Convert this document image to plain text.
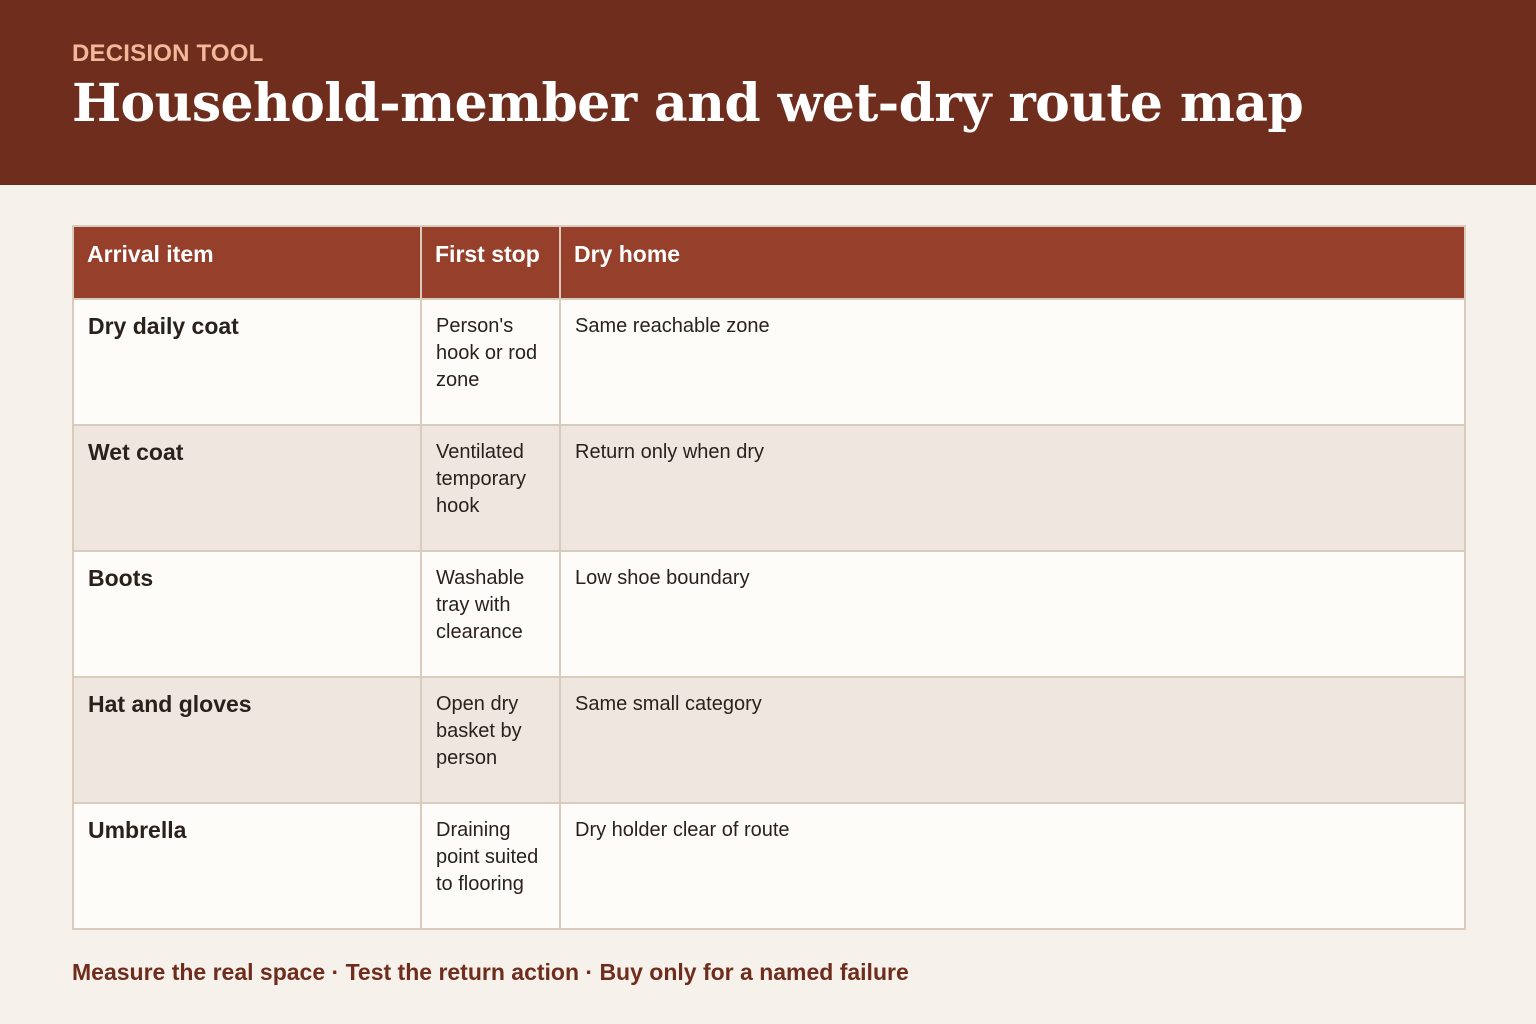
DECISION TOOL
Household-member and wet-dry route map
Arrival item	First stop	Dry home
Dry daily coat	Person's hook or rod zone	Same reachable zone
Wet coat	Ventilated temporary hook	Return only when dry
Boots	Washable tray with clearance	Low shoe boundary
Hat and gloves	Open dry basket by person	Same small category
Umbrella	Draining point suited to flooring	Dry holder clear of route
Measure the real space · Test the return action · Buy only for a named failure
